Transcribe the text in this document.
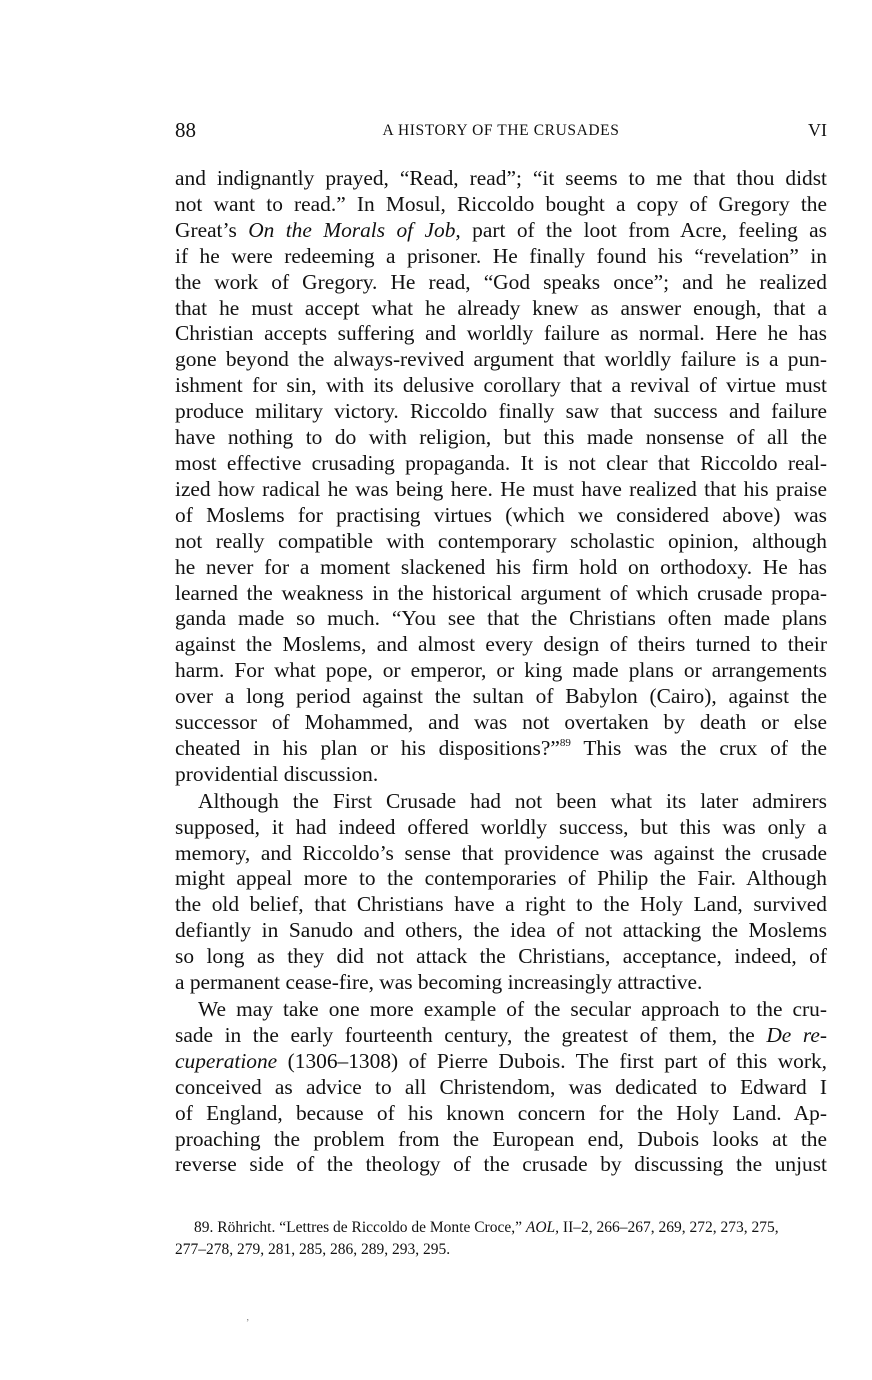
88	A HISTORY OF THE CRUSADES	VI

and indignantly prayed, “Read, read”; “it seems to me that thou didst

not want to read.” In Mosul, Riccoldo bought a copy of Gregory the

Great’s On the Morals of Job, part of the loot from Acre, feeling as

if he were redeeming a prisoner. He finally found his “revelation” in

the work of Gregory. He read, “God speaks once”; and he realized

that he must accept what he already knew as answer enough, that a

Christian accepts suffering and worldly failure as normal. Here he has

gone beyond the always-revived argument that worldly failure is a pun-

ishment for sin, with its delusive corollary that a revival of virtue must

produce military victory. Riccoldo finally saw that success and failure

have nothing to do with religion, but this made nonsense of all the

most effective crusading propaganda. It is not clear that Riccoldo real-

ized how radical he was being here. He must have realized that his praise

of Moslems for practising virtues (which we considered above) was

not really compatible with contemporary scholastic opinion, although

he never for a moment slackened his firm hold on orthodoxy. He has

learned the weakness in the historical argument of which crusade propa-

ganda made so much. “You see that the Christians often made plans

against the Moslems, and almost every design of theirs turned to their

harm. For what pope, or emperor, or king made plans or arrangements

over a long period against the sultan of Babylon (Cairo), against the

successor of Mohammed, and was not overtaken by death or else

cheated in his plan or his dispositions?”$^{89}$ This was the crux of the

providential discussion.

Although the First Crusade had not been what its later admirers

supposed, it had indeed offered worldly success, but this was only a

memory, and Riccoldo’s sense that providence was against the crusade

might appeal more to the contemporaries of Philip the Fair. Although

the old belief, that Christians have a right to the Holy Land, survived

defiantly in Sanudo and others, the idea of not attacking the Moslems

so long as they did not attack the Christians, acceptance, indeed, of

a permanent cease-fire, was becoming increasingly attractive.

We may take one more example of the secular approach to the cru-

sade in the early fourteenth century, the greatest of them, the De re-

cuperatione (1306–1308) of Pierre Dubois. The first part of this work,

conceived as advice to all Christendom, was dedicated to Edward I

of England, because of his known concern for the Holy Land. Ap-

proaching the problem from the European end, Dubois looks at the

reverse side of the theology of the crusade by discussing the unjust

89. Röhricht. “Lettres de Riccoldo de Monte Croce,” AOL, II–2, 266–267, 269, 272, 273, 275,
277–278, 279, 281, 285, 286, 289, 293, 295.
’
